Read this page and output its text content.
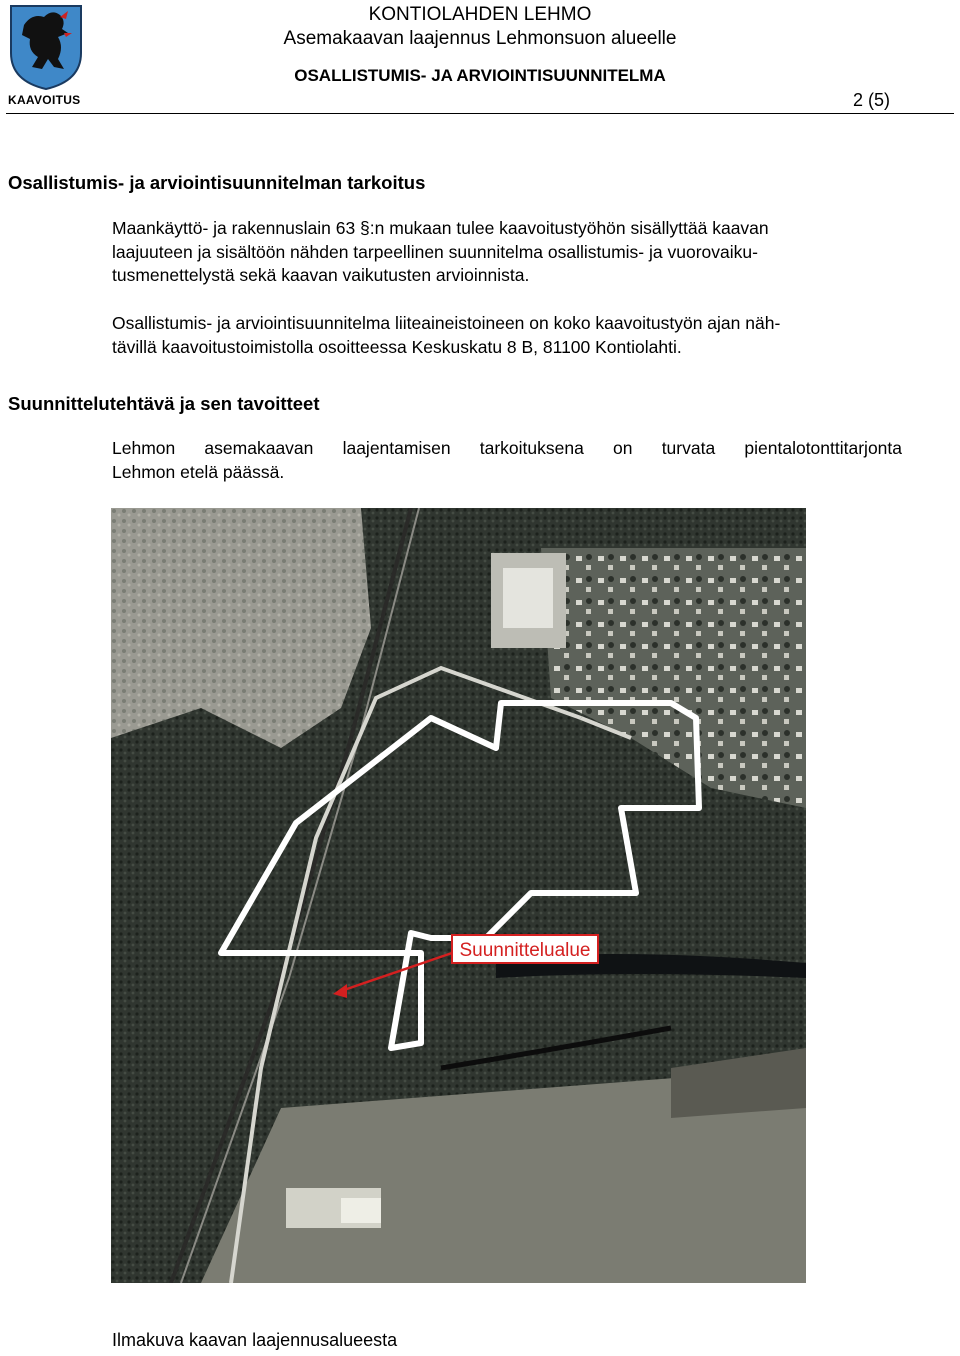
KAAVOITUS
KONTIOLAHDEN LEHMO
Asemakaavan laajennus Lehmonsuon alueelle
OSALLISTUMIS- JA ARVIOINTISUUNNITELMA
2 (5)
Osallistumis- ja arviointisuunnitelman tarkoitus
Maankäyttö- ja rakennuslain 63 §:n mukaan tulee kaavoitustyöhön sisällyttää kaavan
laajuuteen ja sisältöön nähden tarpeellinen suunnitelma osallistumis- ja vuorovaiku-
tusmenettelystä sekä kaavan vaikutusten arvioinnista.
Osallistumis- ja arviointisuunnitelma liiteaineistoineen on koko kaavoitustyön ajan näh-
tävillä kaavoitustoimistolla osoitteessa Keskuskatu 8 B, 81100 Kontiolahti.
Suunnittelutehtävä ja sen tavoitteet
Lehmon asemakaavan laajentamisen tarkoituksena on turvata pientalotonttitarjonta
Lehmon etelä päässä.
Suunnittelualue
Ilmakuva kaavan laajennusalueesta
